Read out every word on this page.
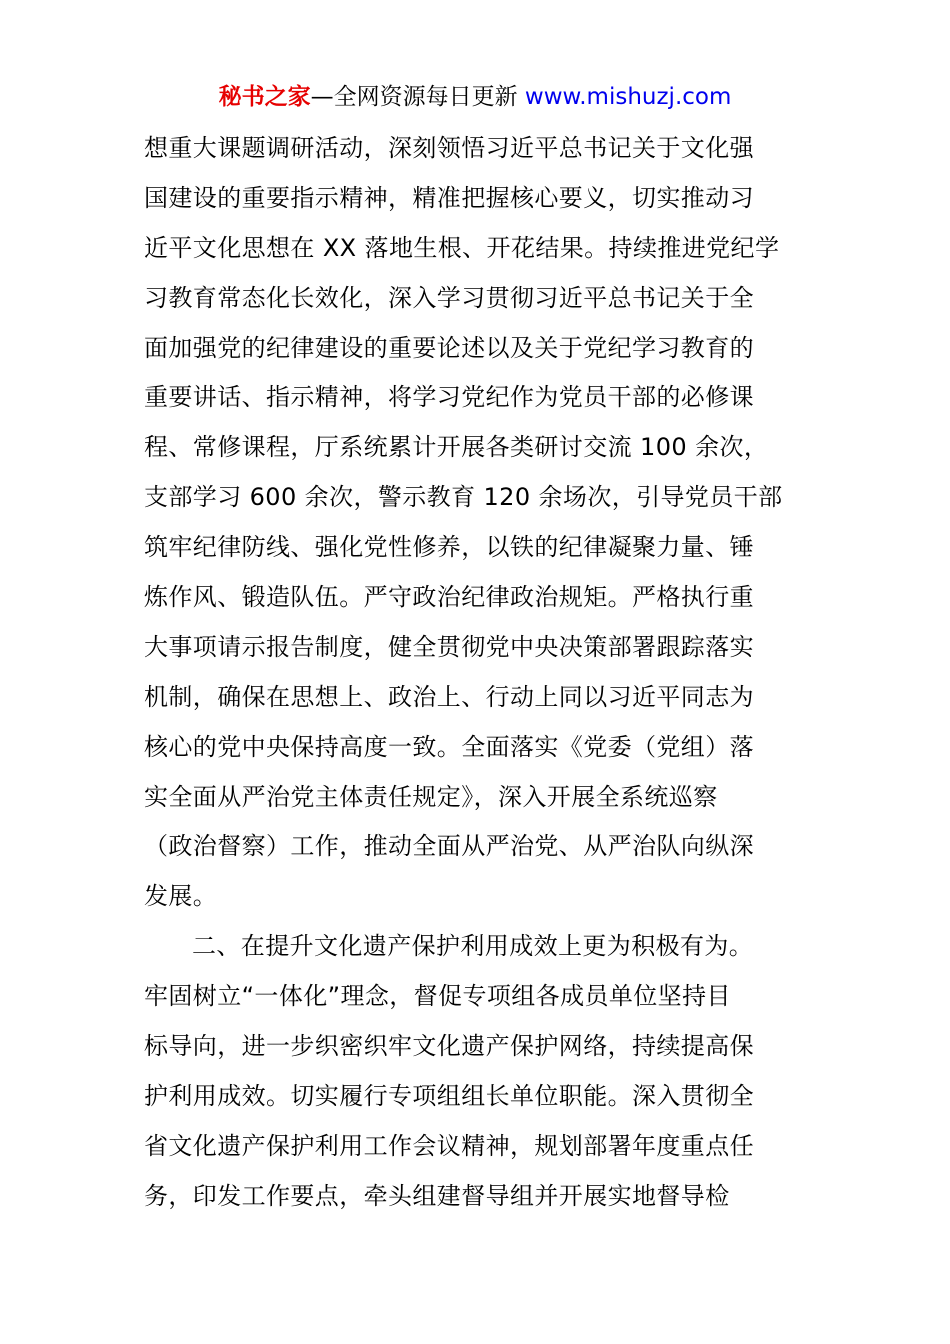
秘书之家—全网资源每日更新 www.mishuzj.com
想重大课题调研活动，深刻领悟习近平总书记关于文化强
国建设的重要指示精神，精准把握核心要义，切实推动习
近平文化思想在 XX 落地生根、开花结果。持续推进党纪学
习教育常态化长效化，深入学习贯彻习近平总书记关于全
面加强党的纪律建设的重要论述以及关于党纪学习教育的
重要讲话、指示精神，将学习党纪作为党员干部的必修课
程、常修课程，厅系统累计开展各类研讨交流 100 余次，
支部学习 600 余次，警示教育 120 余场次，引导党员干部
筑牢纪律防线、强化党性修养，以铁的纪律凝聚力量、锤
炼作风、锻造队伍。严守政治纪律政治规矩。严格执行重
大事项请示报告制度，健全贯彻党中央决策部署跟踪落实
机制，确保在思想上、政治上、行动上同以习近平同志为
核心的党中央保持高度一致。全面落实《党委（党组）落
实全面从严治党主体责任规定》，深入开展全系统巡察
（政治督察）工作，推动全面从严治党、从严治队向纵深
发展。
二、在提升文化遗产保护利用成效上更为积极有为。
牢固树立“一体化”理念，督促专项组各成员单位坚持目
标导向，进一步织密织牢文化遗产保护网络，持续提高保
护利用成效。切实履行专项组组长单位职能。深入贯彻全
省文化遗产保护利用工作会议精神，规划部署年度重点任
务，印发工作要点，牵头组建督导组并开展实地督导检
